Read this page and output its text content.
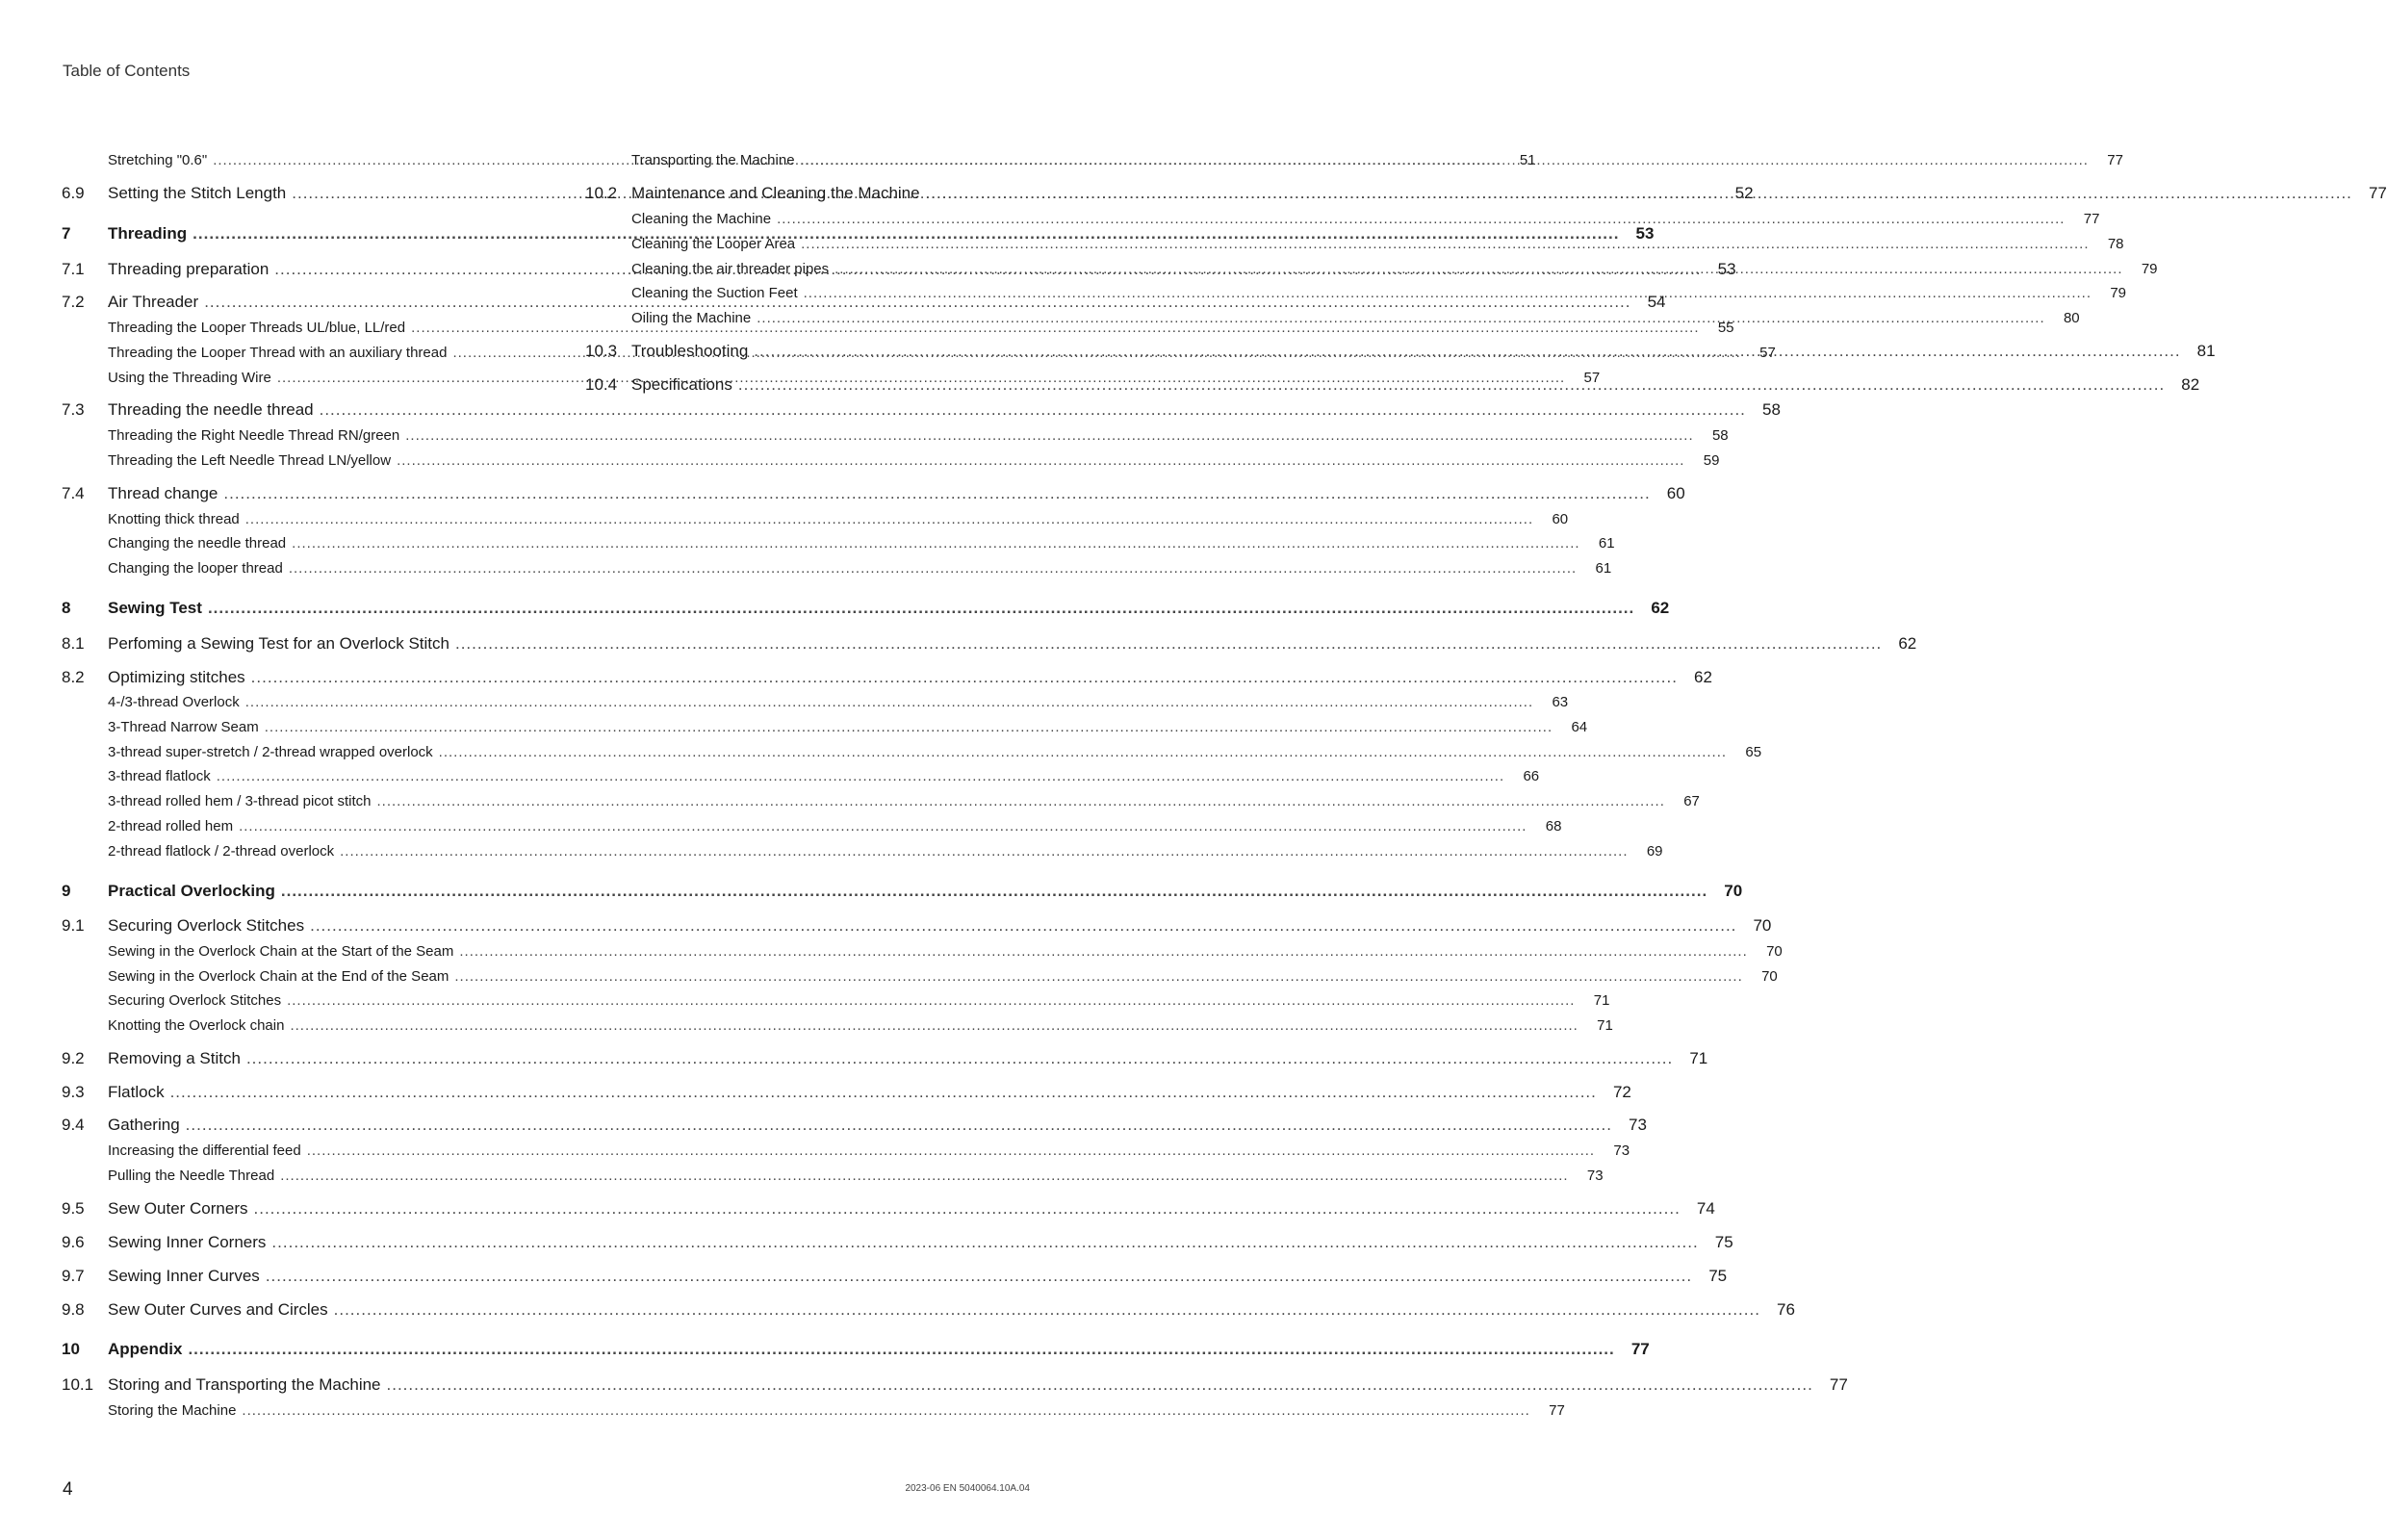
Table of Contents
Stretching "0.6" .....	51
6.9	Setting the Stitch Length .....	52
7	Threading .....	53
7.1	Threading preparation .....	53
7.2	Air Threader .....	54
Threading the Looper Threads UL/blue, LL/red .....	55
Threading the Looper Thread with an auxiliary thread .....	57
Using the Threading Wire .....	57
7.3	Threading the needle thread .....	58
Threading the Right Needle Thread RN/green .....	58
Threading the Left Needle Thread LN/yellow .....	59
7.4	Thread change .....	60
Knotting thick thread .....	60
Changing the needle thread .....	61
Changing the looper thread .....	61
8	Sewing Test .....	62
8.1	Perfoming a Sewing Test for an Overlock Stitch .....	62
8.2	Optimizing stitches .....	62
4-/3-thread Overlock .....	63
3-Thread Narrow Seam .....	64
3-thread super-stretch / 2-thread wrapped overlock .....	65
3-thread flatlock .....	66
3-thread rolled hem / 3-thread picot stitch .....	67
2-thread rolled hem .....	68
2-thread flatlock / 2-thread overlock .....	69
9	Practical Overlocking .....	70
9.1	Securing Overlock Stitches .....	70
Sewing in the Overlock Chain at the Start of the Seam .....	70
Sewing in the Overlock Chain at the End of the Seam .....	70
Securing Overlock Stitches .....	71
Knotting the Overlock chain .....	71
9.2	Removing a Stitch .....	71
9.3	Flatlock .....	72
9.4	Gathering .....	73
Increasing the differential feed .....	73
Pulling the Needle Thread .....	73
9.5	Sew Outer Corners .....	74
9.6	Sewing Inner Corners .....	75
9.7	Sewing Inner Curves .....	75
9.8	Sew Outer Curves and Circles .....	76
10	Appendix .....	77
10.1 Storing and Transporting the Machine .....	77
Storing the Machine .....	77
Transporting the Machine .....	77
10.2 Maintenance and Cleaning the Machine .....	77
Cleaning the Machine .....	77
Cleaning the Looper Area .....	78
Cleaning the air threader pipes .....	79
Cleaning the Suction Feet .....	79
Oiling the Machine .....	80
10.3 Troubleshooting .....	81
10.4 Specifications .....	82
4	2023-06 EN 5040064.10A.04
